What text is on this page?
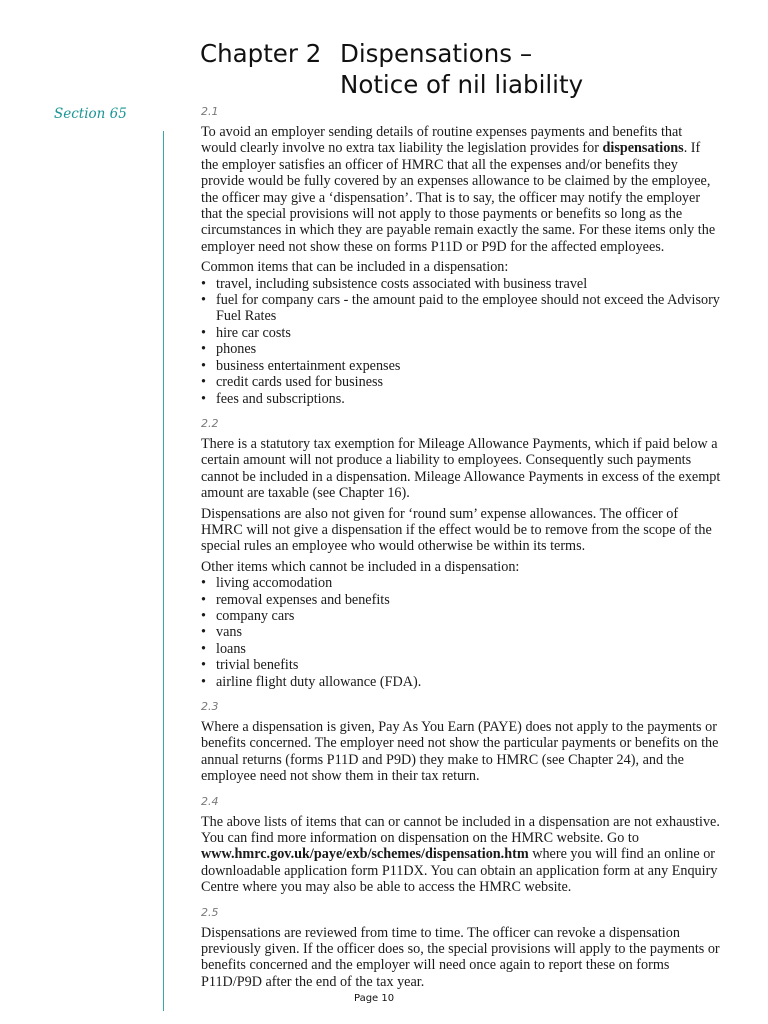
Chapter 2 Dispensations –
Notice of nil liability
Section 65	2.1

To avoid an employer sending details of routine expenses payments and benefits that would clearly involve no extra tax liability the legislation provides for dispensations. If the employer satisfies an officer of HMRC that all the expenses and/or benefits they provide would be fully covered by an expenses allowance to be claimed by the employee, the officer may give a ‘dispensation’. That is to say, the officer may notify the employer that the special provisions will not apply to those payments or benefits so long as the circumstances in which they are payable remain exactly the same. For these items only the employer need not show these on forms P11D or P9D for the affected employees.

Common items that can be included in a dispensation:

• travel, including subsistence costs associated with business travel
• fuel for company cars - the amount paid to the employee should not exceed the Advisory Fuel Rates
• hire car costs
• phones
• business entertainment expenses
• credit cards used for business
• fees and subscriptions.
2.2

There is a statutory tax exemption for Mileage Allowance Payments, which if paid below a certain amount will not produce a liability to employees. Consequently such payments cannot be included in a dispensation. Mileage Allowance Payments in excess of the exempt amount are taxable (see Chapter 16).

Dispensations are also not given for ‘round sum’ expense allowances. The officer of HMRC will not give a dispensation if the effect would be to remove from the scope of the special rules an employee who would otherwise be within its terms.

Other items which cannot be included in a dispensation:

• living accomodation
• removal expenses and benefits
• company cars
• vans
• loans
• trivial benefits
• airline flight duty allowance (FDA).
2.3

Where a dispensation is given, Pay As You Earn (PAYE) does not apply to the payments or benefits concerned. The employer need not show the particular payments or benefits on the annual returns (forms P11D and P9D) they make to HMRC (see Chapter 24), and the employee need not show them in their tax return.

2.4

The above lists of items that can or cannot be included in a dispensation are not exhaustive. You can find more information on dispensation on the HMRC website. Go to www.hmrc.gov.uk/paye/exb/schemes/dispensation.htm where you will find an online or downloadable application form P11DX. You can obtain an application form at any Enquiry Centre where you may also be able to access the HMRC website.

2.5

Dispensations are reviewed from time to time. The officer can revoke a dispensation previously given. If the officer does so, the special provisions will apply to the payments or benefits concerned and the employer will need once again to report these on forms P11D/P9D after the end of the tax year.

Page 10
